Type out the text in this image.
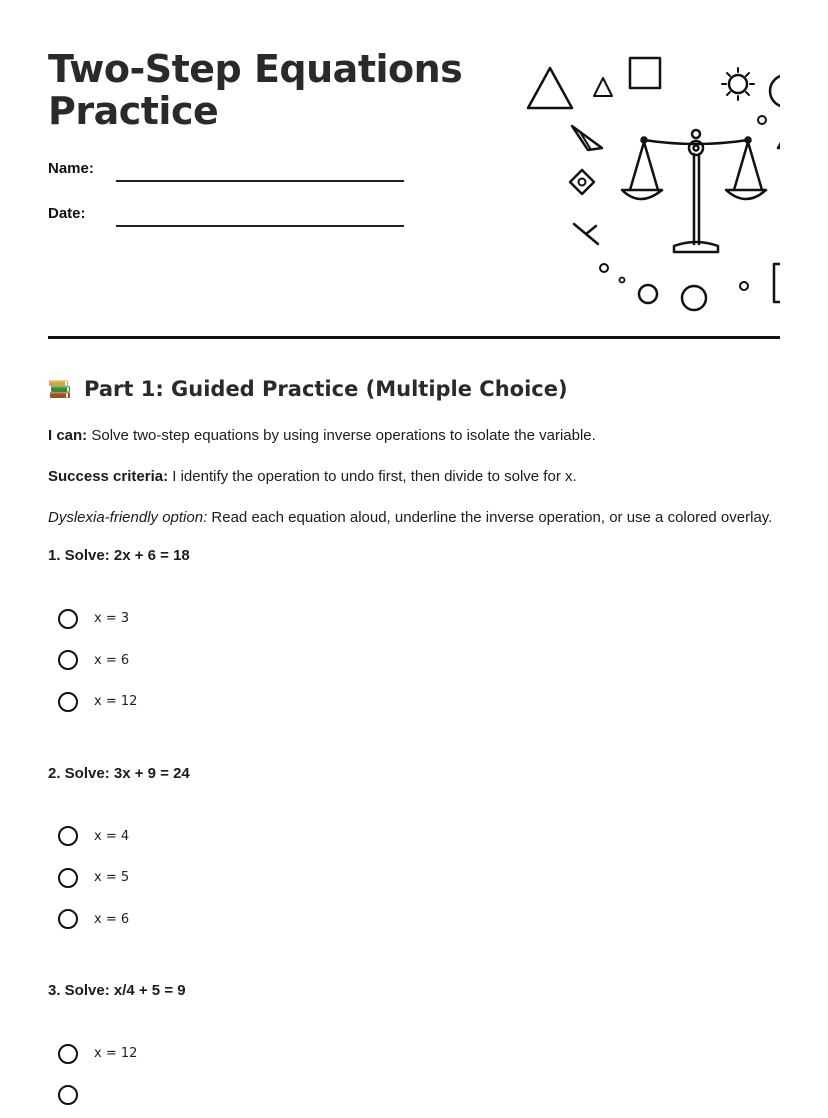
Two-Step Equations
Practice
Name:
Date:
Part 1: Guided Practice (Multiple Choice)

I can: Solve two-step equations by using inverse operations to isolate the variable.

Success criteria: I identify the operation to undo first, then divide to solve for x.

Dyslexia-friendly option: Read each equation aloud, underline the inverse operation, or use a colored overlay.

1. Solve: 2x + 6 = 18

x = 3
x = 6
x = 12

2. Solve: 3x + 9 = 24

x = 4
x = 5
x = 6

3. Solve: x/4 + 5 = 9

x = 12
